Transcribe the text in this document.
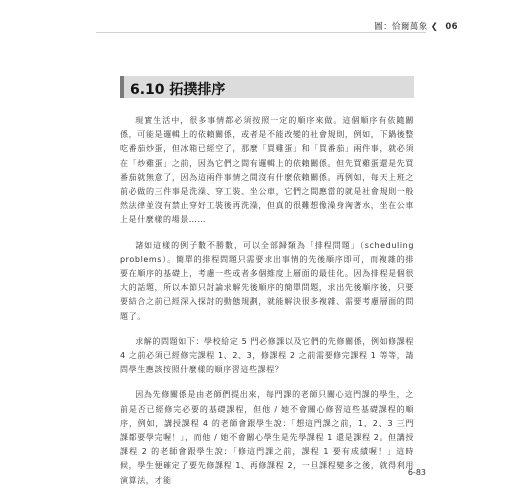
圖：恰爾萬象 ❮ 06
6.10 拓撲排序

現實生活中，很多事情都必須按照一定的順序來做。這個順序有依隨關係，可能是邏輯上的依賴關係，或者是不能改變的社會規則，例如，下鍋後整吃番茄炒蛋，但冰箱已經空了，那麼「買雞蛋」和「買番茄」兩件事，就必須在「炒雞蛋」之前，因為它們之間有邏輯上的依賴關係。但先買雞蛋還是先買番茄就無意了，因為這兩件事情之間沒有什麼依賴關係。再例如，每天上班之前必做的三件事是洗澡、穿工裝、坐公車，它們之間應當的就是社會規則一般然法律並沒有禁止穿好工裝後再洗澡，但真的很難想像澡身洶著水，坐在公車上是什麼樣的場景……

諸如這樣的例子數不勝數，可以全部歸類為「排程問題」（scheduling problems）。簡單的排程問題只需要求出事情的先後順序即可，而複雜的排要在順序的基礎上，考慮一些或者多個維度上層面的最佳化。因為排程是個很大的話題，所以本節只討論求解先後順序的簡單問題，求出先後順序後，只要要結合之前已經深入探討的動態規劃，就能解決很多複雜、需要考慮層面的問題了。

求解的問題如下：學校給定 5 門必修課以及它們的先修關係，例如修課程 4 之前必須已經修完課程 1、2、3，修課程 2 之前需要修完課程 1 等等，請問學生應該按照什麼樣的順序習這些課程？

因為先修關係是由老師們提出來，每門課的老師只關心這門課的學生，之前是否已經修完必要的基礎課程，但他 / 她不會關心修習這些基礎課程的順序，例如，講授課程 4 的老師會跟學生說：「想這門課之前，1、2、3 三門課都要學完喔！」，而他 / 她不會關心學生是先學課程 1 還是課程 2。但講授課程 2 的老師會跟學生說：「修這門課之前，課程 1 要有成績喔！」這時候，學生便確定了要先修課程 1、再修課程 2，一旦課程變多之後，就得利用演算法，才能

6-83
